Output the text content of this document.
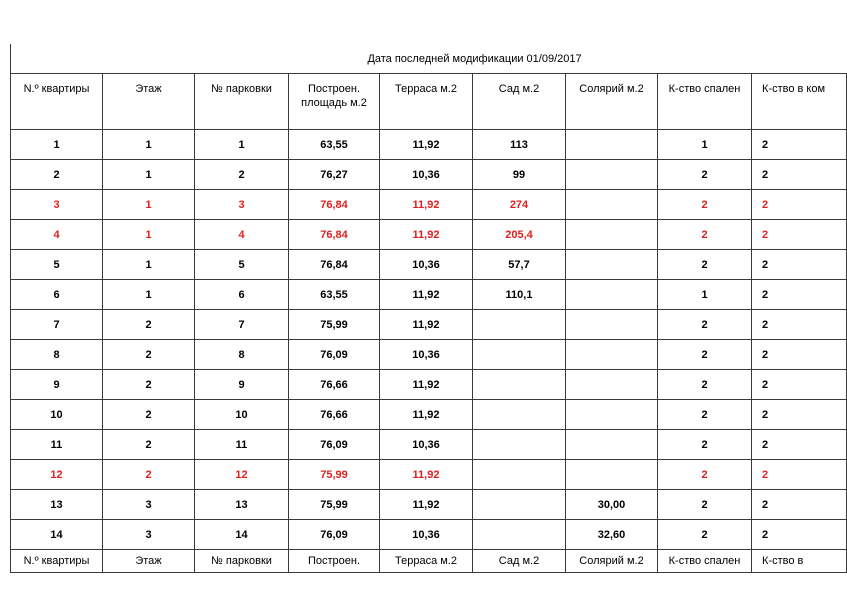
	Дата последней модификации 01/09/2017							
N.º квартиры	Этаж	№ парковки	Построен. площадь м.2	Терраса м.2	Сад м.2	Солярий м.2	К-ство спален	К-ство в ком
1	1	1	63,55	11,92	113		1	2
2	1	2	76,27	10,36	99		2	2
3	1	3	76,84	11,92	274		2	2
4	1	4	76,84	11,92	205,4		2	2
5	1	5	76,84	10,36	57,7		2	2
6	1	6	63,55	11,92	110,1		1	2
7	2	7	75,99	11,92			2	2
8	2	8	76,09	10,36			2	2
9	2	9	76,66	11,92			2	2
10	2	10	76,66	11,92			2	2
11	2	11	76,09	10,36			2	2
12	2	12	75,99	11,92			2	2
13	3	13	75,99	11,92		30,00	2	2
14	3	14	76,09	10,36		32,60	2	2
N.º квартиры	Этаж	№ парковки	Построен.	Терраса м.2	Сад м.2	Солярий м.2	К-ство спален	К-ство в
